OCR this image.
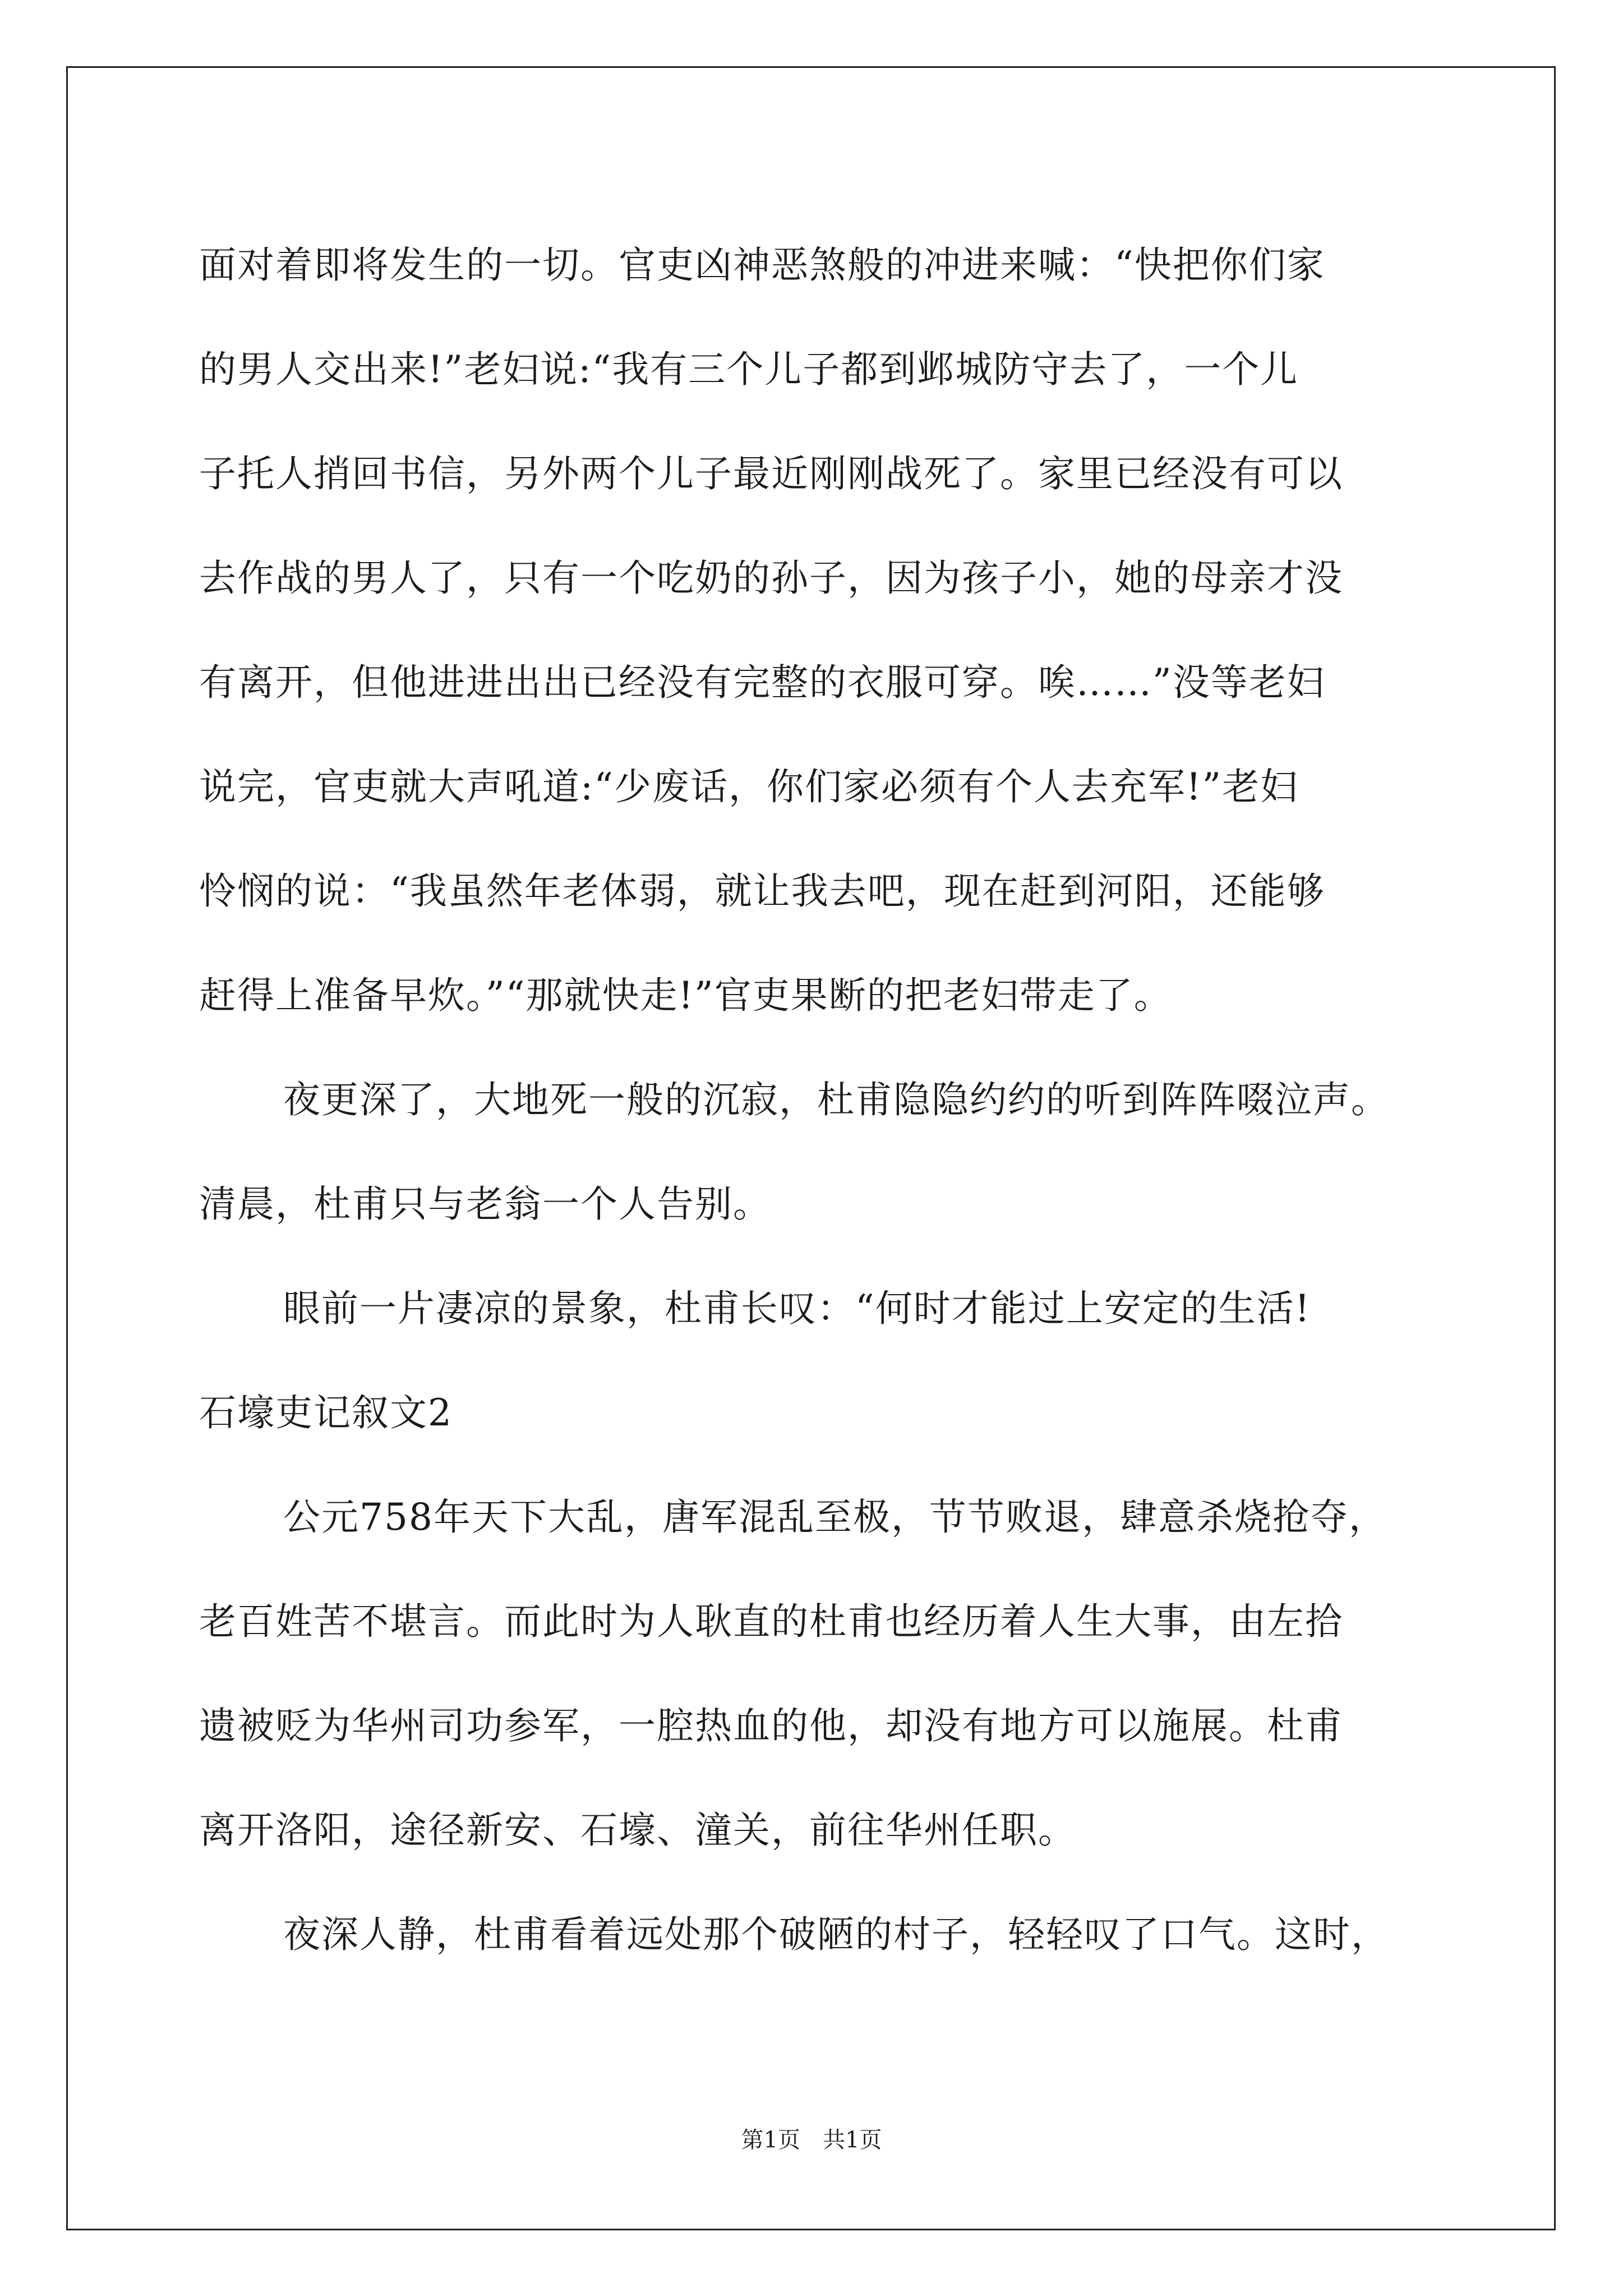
面对着即将发生的一切。官吏凶神恶煞般的冲进来喊：“快把你们家
的男人交出来!”老妇说:“我有三个儿子都到邺城防守去了，一个儿
子托人捎回书信，另外两个儿子最近刚刚战死了。家里已经没有可以
去作战的男人了，只有一个吃奶的孙子，因为孩子小，她的母亲才没
有离开，但他进进出出已经没有完整的衣服可穿。唉……”没等老妇
说完，官吏就大声吼道:“少废话，你们家必须有个人去充军!”老妇
怜悯的说：“我虽然年老体弱，就让我去吧，现在赶到河阳，还能够
赶得上准备早炊。”“那就快走!”官吏果断的把老妇带走了。
夜更深了，大地死一般的沉寂，杜甫隐隐约约的听到阵阵啜泣声。
清晨，杜甫只与老翁一个人告别。
眼前一片凄凉的景象，杜甫长叹：“何时才能过上安定的生活!
石壕吏记叙文2
公元758年天下大乱，唐军混乱至极，节节败退，肆意杀烧抢夺，
老百姓苦不堪言。而此时为人耿直的杜甫也经历着人生大事，由左拾
遗被贬为华州司功参军，一腔热血的他，却没有地方可以施展。杜甫
离开洛阳，途径新安、石壕、潼关，前往华州任职。
夜深人静，杜甫看着远处那个破陋的村子，轻轻叹了口气。这时，
第1页　共1页
